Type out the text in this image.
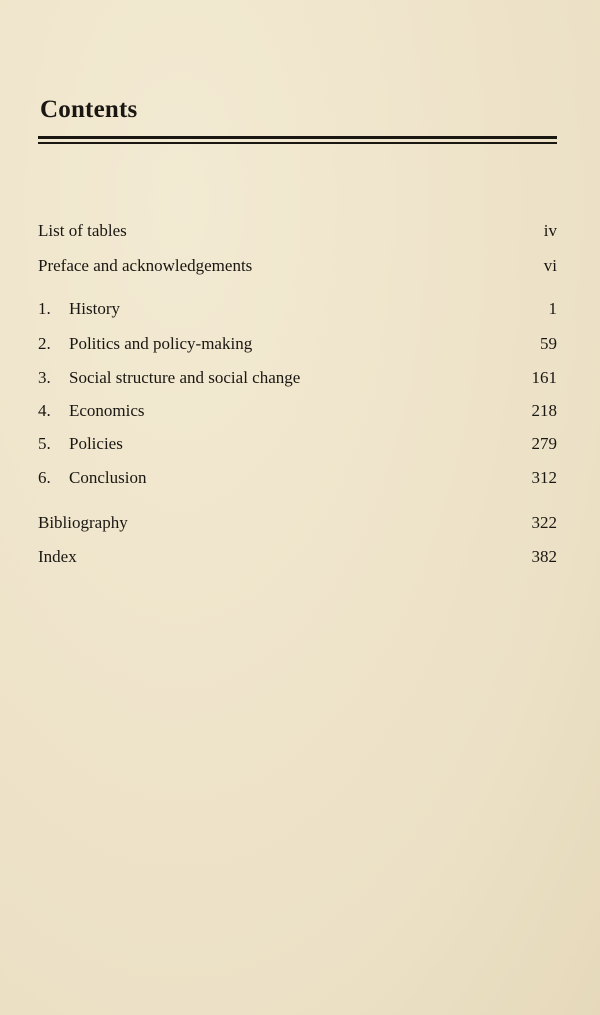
Contents
List of tables	iv
Preface and acknowledgements	vi
1. History	1
2. Politics and policy-making	59
3. Social structure and social change	161
4. Economics	218
5. Policies	279
6. Conclusion	312
Bibliography	322
Index	382
